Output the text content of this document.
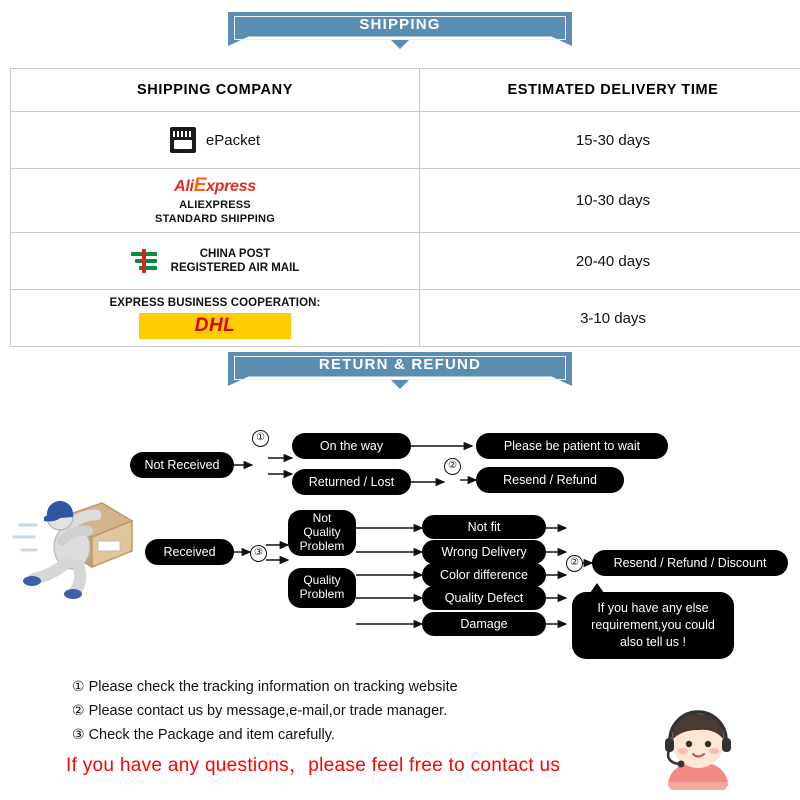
SHIPPING
SHIPPING COMPANY	ESTIMATED DELIVERY TIME

ePacket	15-30 days

AliExpress
ALIEXPRESS
STANDARD SHIPPING	10-30 days

CHINA POST
REGISTERED AIR MAIL	20-40 days

EXPRESS BUSINESS COOPERATION:
DHL	3-10 days
RETURN & REFUND
Not Received
①
On the way
Returned / Lost
Please be patient to wait
②
Resend / Refund
Received	③
Not
Quality
Problem
Quality
Problem
Not fit
Wrong Delivery
Color difference
Quality Defect
Damage
②	Resend / Refund / Discount
If you have any else requirement,you could also tell us !
① Please check the tracking information on tracking website
② Please contact us by message,e-mail,or trade manager.
③ Check the Package and item carefully.
If you have any questions，please feel free to contact us
